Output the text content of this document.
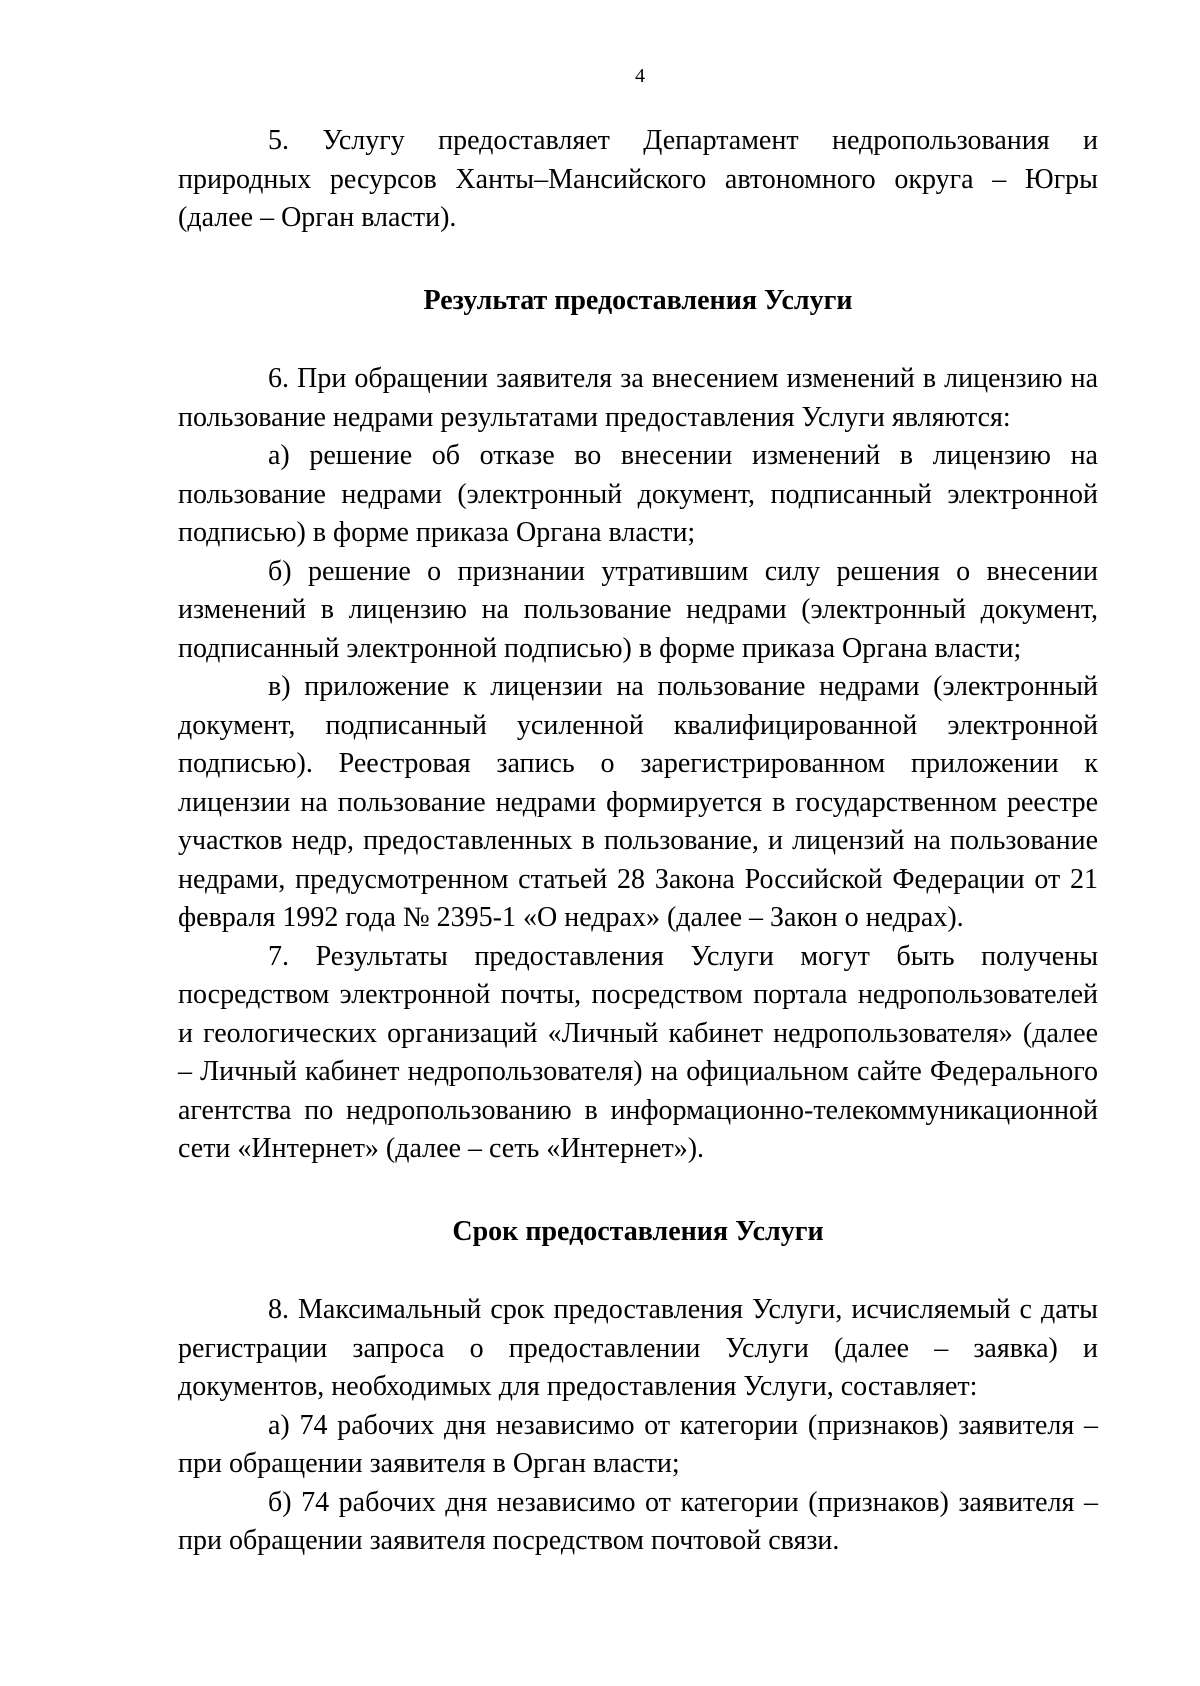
4

5. Услугу предоставляет Департамент недропользования и природных ресурсов Ханты–Мансийского автономного округа – Югры (далее – Орган власти).

Результат предоставления Услуги

6. При обращении заявителя за внесением изменений в лицензию на пользование недрами результатами предоставления Услуги являются:

а) решение об отказе во внесении изменений в лицензию на пользование недрами (электронный документ, подписанный электронной подписью) в форме приказа Органа власти;

б) решение о признании утратившим силу решения о внесении изменений в лицензию на пользование недрами (электронный документ, подписанный электронной подписью) в форме приказа Органа власти;

в) приложение к лицензии на пользование недрами (электронный документ, подписанный усиленной квалифицированной электронной подписью). Реестровая запись о зарегистрированном приложении к лицензии на пользование недрами формируется в государственном реестре участков недр, предоставленных в пользование, и лицензий на пользование недрами, предусмотренном статьей 28 Закона Российской Федерации от 21 февраля 1992 года № 2395-1 «О недрах» (далее – Закон о недрах).

7. Результаты предоставления Услуги могут быть получены посредством электронной почты, посредством портала недропользователей и геологических организаций «Личный кабинет недропользователя» (далее – Личный кабинет недропользователя) на официальном сайте Федерального агентства по недропользованию в информационно-телекоммуникационной сети «Интернет» (далее – сеть «Интернет»).

Срок предоставления Услуги

8. Максимальный срок предоставления Услуги, исчисляемый с даты регистрации запроса о предоставлении Услуги (далее – заявка) и документов, необходимых для предоставления Услуги, составляет:

а) 74 рабочих дня независимо от категории (признаков) заявителя – при обращении заявителя в Орган власти;

б) 74 рабочих дня независимо от категории (признаков) заявителя – при обращении заявителя посредством почтовой связи.
